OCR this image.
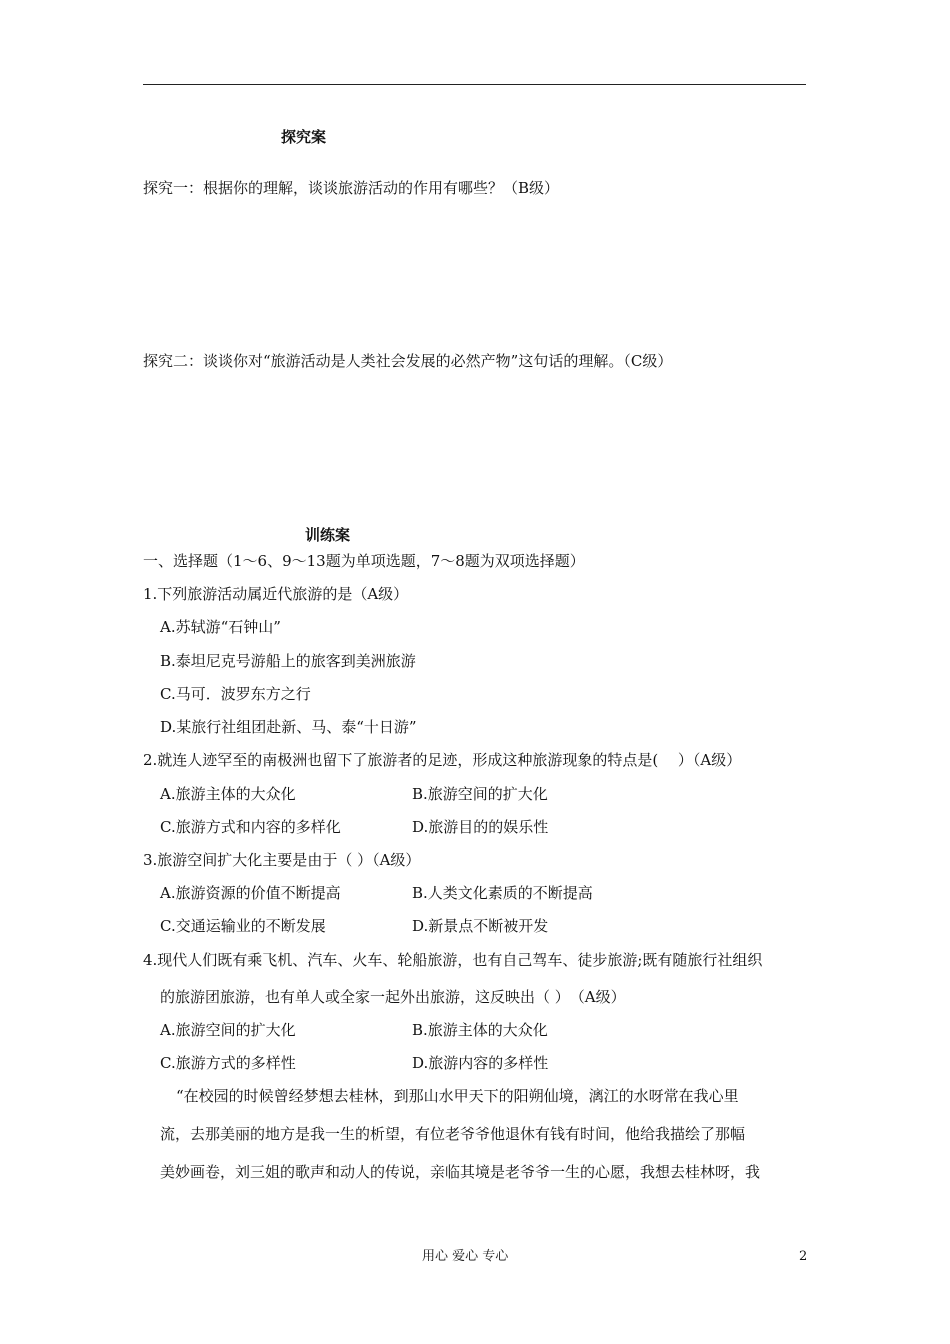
探究案
探究一：根据你的理解，谈谈旅游活动的作用有哪些？（B级）
探究二：谈谈你对“旅游活动是人类社会发展的必然产物”这句话的理解。（C级）
训练案
一、选择题（1～6、9～13题为单项选题，7～8题为双项选择题）
1.下列旅游活动属近代旅游的是（A级）
A.苏轼游“石钟山”
B.泰坦尼克号游船上的旅客到美洲旅游
C.马可．波罗东方之行
D.某旅行社组团赴新、马、泰“十日游”
2.就连人迹罕至的南极洲也留下了旅游者的足迹，形成这种旅游现象的特点是(　 ）（A级）
A.旅游主体的大众化	B.旅游空间的扩大化
C.旅游方式和内容的多样化	D.旅游目的的娱乐性
3.旅游空间扩大化主要是由于（ ）（A级）
A.旅游资源的价值不断提高	B.人类文化素质的不断提高
C.交通运输业的不断发展	D.新景点不断被开发
4.现代人们既有乘飞机、汽车、火车、轮船旅游，也有自己驾车、徒步旅游;既有随旅行社组织
的旅游团旅游，也有单人或全家一起外出旅游，这反映出（ ）　（A级）
A.旅游空间的扩大化	B.旅游主体的大众化
C.旅游方式的多样性	D.旅游内容的多样性
“在校园的时候曾经梦想去桂林，到那山水甲天下的阳朔仙境，漓江的水呀常在我心里
流，去那美丽的地方是我一生的析望，有位老爷爷他退休有钱有时间，他给我描绘了那幅
美妙画卷，刘三姐的歌声和动人的传说，亲临其境是老爷爷一生的心愿，我想去桂林呀，我
用心 爱心 专心	2
